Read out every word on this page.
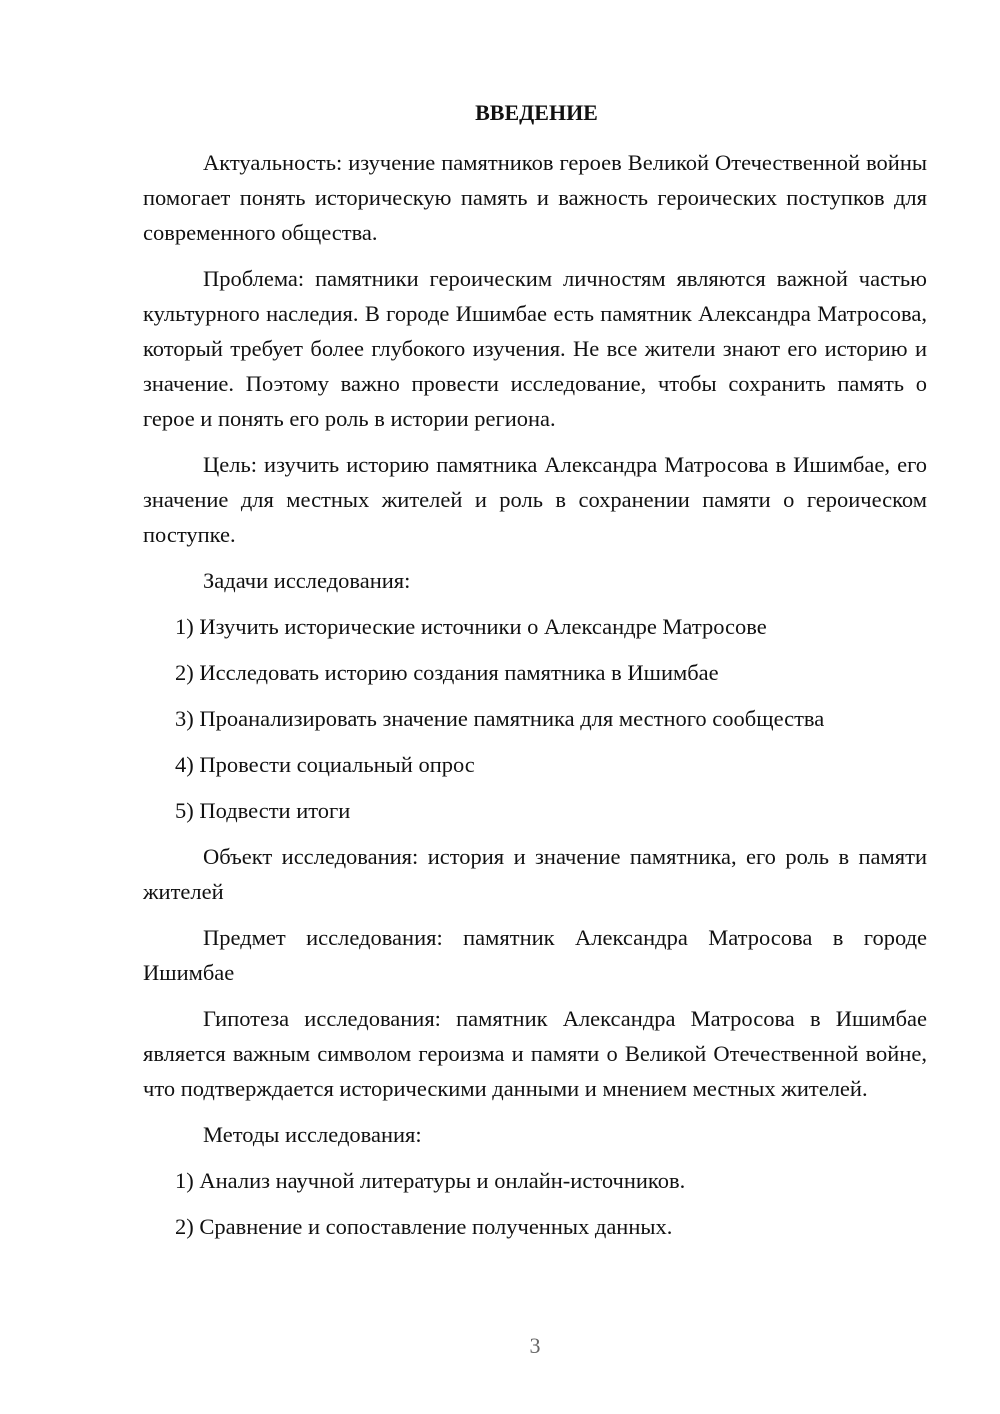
ВВЕДЕНИЕ

Актуальность: изучение памятников героев Великой Отечественной войны помогает понять историческую память и важность героических поступков для современного общества.

Проблема: памятники героическим личностям являются важной частью культурного наследия. В городе Ишимбае есть памятник Александра Матросова, который требует более глубокого изучения. Не все жители знают его историю и значение. Поэтому важно провести исследование, чтобы сохранить память о герое и понять его роль в истории региона.

Цель: изучить историю памятника Александра Матросова в Ишимбае, его значение для местных жителей и роль в сохранении памяти о героическом поступке.

Задачи исследования:

1) Изучить исторические источники о Александре Матросове
2) Исследовать историю создания памятника в Ишимбае
3) Проанализировать значение памятника для местного сообщества
4) Провести социальный опрос
5) Подвести итоги

Объект исследования: история и значение памятника, его роль в памяти жителей

Предмет исследования: памятник Александра Матросова в городе Ишимбае

Гипотеза исследования: памятник Александра Матросова в Ишимбае является важным символом героизма и памяти о Великой Отечественной войне, что подтверждается историческими данными и мнением местных жителей.

Методы исследования:

1) Анализ научной литературы и онлайн-источников.
2) Сравнение и сопоставление полученных данных.
3
